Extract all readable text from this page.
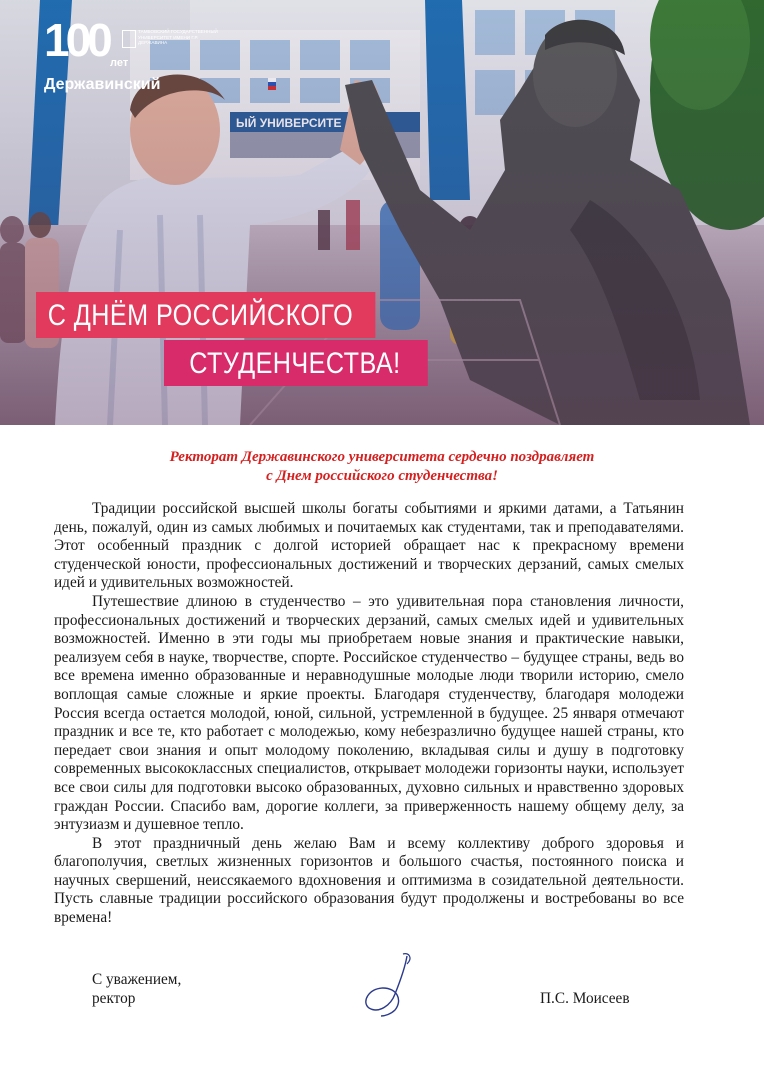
100	ТАМБОВСКИЙ ГОСУДАРСТВЕННЫЙ УНИВЕРСИТЕТ ИМЕНИ Г.Р. ДЕРЖАВИНА
лет
Державинский
С ДНЁМ РОССИЙСКОГО
СТУДЕНЧЕСТВА!
Ректорат Державинского университета сердечно поздравляет
с Днем российского студенчества!

Традиции российской высшей школы богаты событиями и яркими датами, а Татьянин день, пожалуй, один из самых любимых и почитаемых как студентами, так и преподавателями. Этот особенный праздник с долгой историей обращает нас к прекрасному времени студенческой юности, профессиональных достижений и творческих дерзаний, самых смелых идей и удивительных возможностей.

Путешествие длиною в студенчество – это удивительная пора становления личности, профессиональных достижений и творческих дерзаний, самых смелых идей и удивительных возможностей. Именно в эти годы мы приобретаем новые знания и практические навыки, реализуем себя в науке, творчестве, спорте. Российское студенчество – будущее страны, ведь во все времена именно образованные и неравнодушные молодые люди творили историю, смело воплощая самые сложные и яркие проекты. Благодаря студенчеству, благодаря молодежи Россия всегда остается молодой, юной, сильной, устремленной в будущее. 25 января отмечают праздник и все те, кто работает с молодежью, кому небезразлично будущее нашей страны, кто передает свои знания и опыт молодому поколению, вкладывая силы и душу в подготовку современных высококлассных специалистов, открывает молодежи горизонты науки, использует все свои силы для подготовки высоко образованных, духовно сильных и нравственно здоровых граждан России. Спасибо вам, дорогие коллеги, за приверженность нашему общему делу, за энтузиазм и душевное тепло.

В этот праздничный день желаю Вам и всему коллективу доброго здоровья и благополучия, светлых жизненных горизонтов и большого счастья, постоянного поиска и научных свершений, неиссякаемого вдохновения и оптимизма в созидательной деятельности. Пусть славные традиции российского образования будут продолжены и востребованы во все времена!

С уважением,
ректор	П.С. Моисеев
